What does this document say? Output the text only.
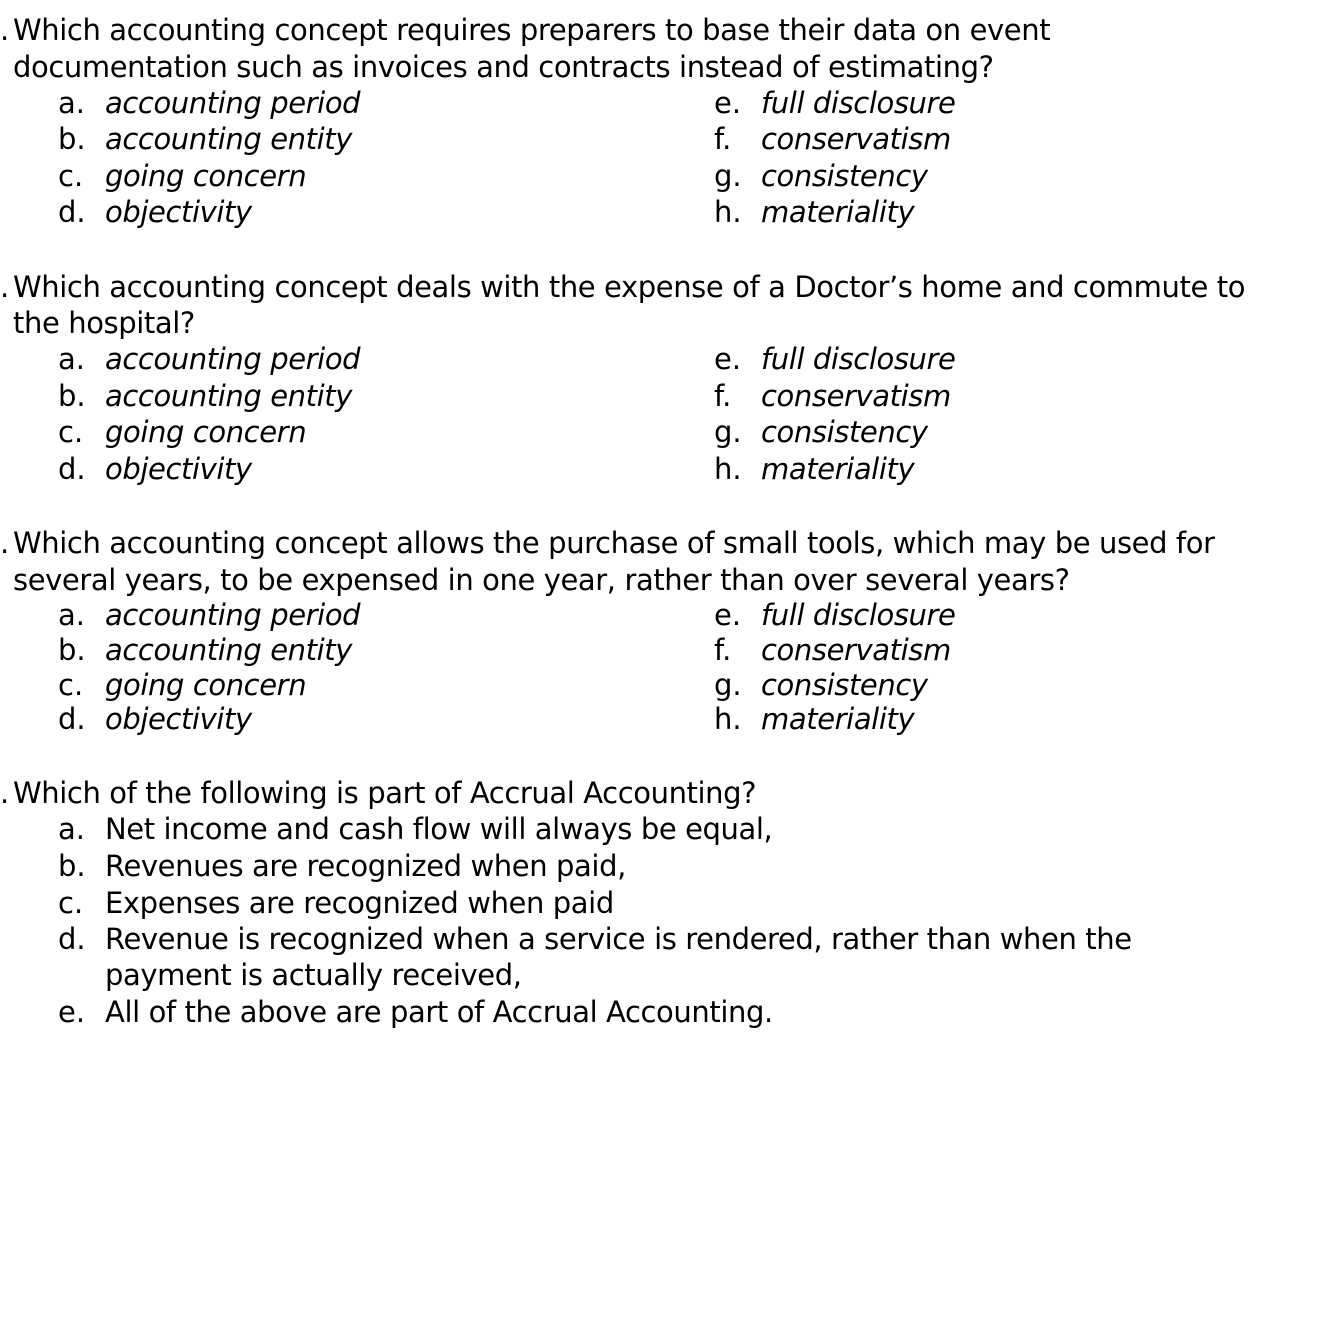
. Which accounting concept requires preparers to base their data on event
documentation such as invoices and contracts instead of estimating?
a. accounting period
b. accounting entity
c. going concern
d. objectivity
e. full disclosure
f. conservatism
g. consistency
h. materiality
. Which accounting concept deals with the expense of a Doctor’s home and commute to
the hospital?
a. accounting period
b. accounting entity
c. going concern
d. objectivity
e. full disclosure
f. conservatism
g. consistency
h. materiality
. Which accounting concept allows the purchase of small tools, which may be used for
several years, to be expensed in one year, rather than over several years?
a. accounting period
b. accounting entity
c. going concern
d. objectivity
e. full disclosure
f. conservatism
g. consistency
h. materiality
. Which of the following is part of Accrual Accounting?
a. Net income and cash flow will always be equal,
b. Revenues are recognized when paid,
c. Expenses are recognized when paid
d. Revenue is recognized when a service is rendered, rather than when the
payment is actually received,
e. All of the above are part of Accrual Accounting.
